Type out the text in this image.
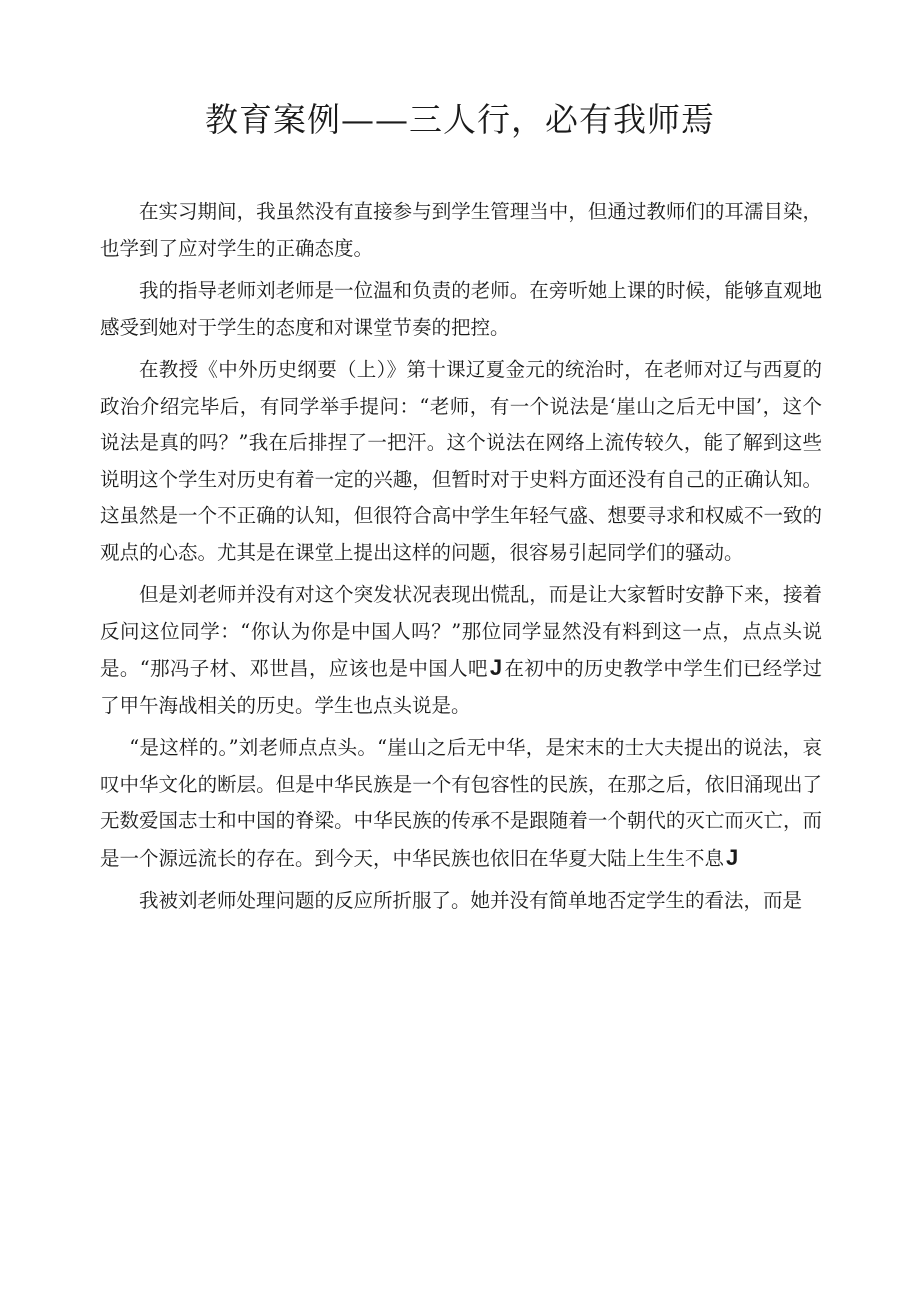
教育案例——三人行，必有我师焉

在实习期间，我虽然没有直接参与到学生管理当中，但通过教师们的耳濡目染，也学到了应对学生的正确态度。

我的指导老师刘老师是一位温和负责的老师。在旁听她上课的时候，能够直观地感受到她对于学生的态度和对课堂节奏的把控。

在教授《中外历史纲要（上）》第十课辽夏金元的统治时，在老师对辽与西夏的政治介绍完毕后，有同学举手提问：“老师，有一个说法是‘崖山之后无中国’，这个说法是真的吗？”我在后排捏了一把汗。这个说法在网络上流传较久，能了解到这些说明这个学生对历史有着一定的兴趣，但暂时对于史料方面还没有自己的正确认知。这虽然是一个不正确的认知，但很符合高中学生年轻气盛、想要寻求和权威不一致的观点的心态。尤其是在课堂上提出这样的问题，很容易引起同学们的骚动。

但是刘老师并没有对这个突发状况表现出慌乱，而是让大家暂时安静下来，接着反问这位同学：“你认为你是中国人吗？”那位同学显然没有料到这一点，点点头说是。“那冯子材、邓世昌，应该也是中国人吧J 在初中的历史教学中学生们已经学过了甲午海战相关的历史。学生也点头说是。

“是这样的。”刘老师点点头。“崖山之后无中华，是宋末的士大夫提出的说法，哀叹中华文化的断层。但是中华民族是一个有包容性的民族，在那之后，依旧涌现出了无数爱国志士和中国的脊梁。中华民族的传承不是跟随着一个朝代的灭亡而灭亡，而是一个源远流长的存在。到今天，中华民族也依旧在华夏大陆上生生不息J

我被刘老师处理问题的反应所折服了。她并没有简单地否定学生的看法，而是
